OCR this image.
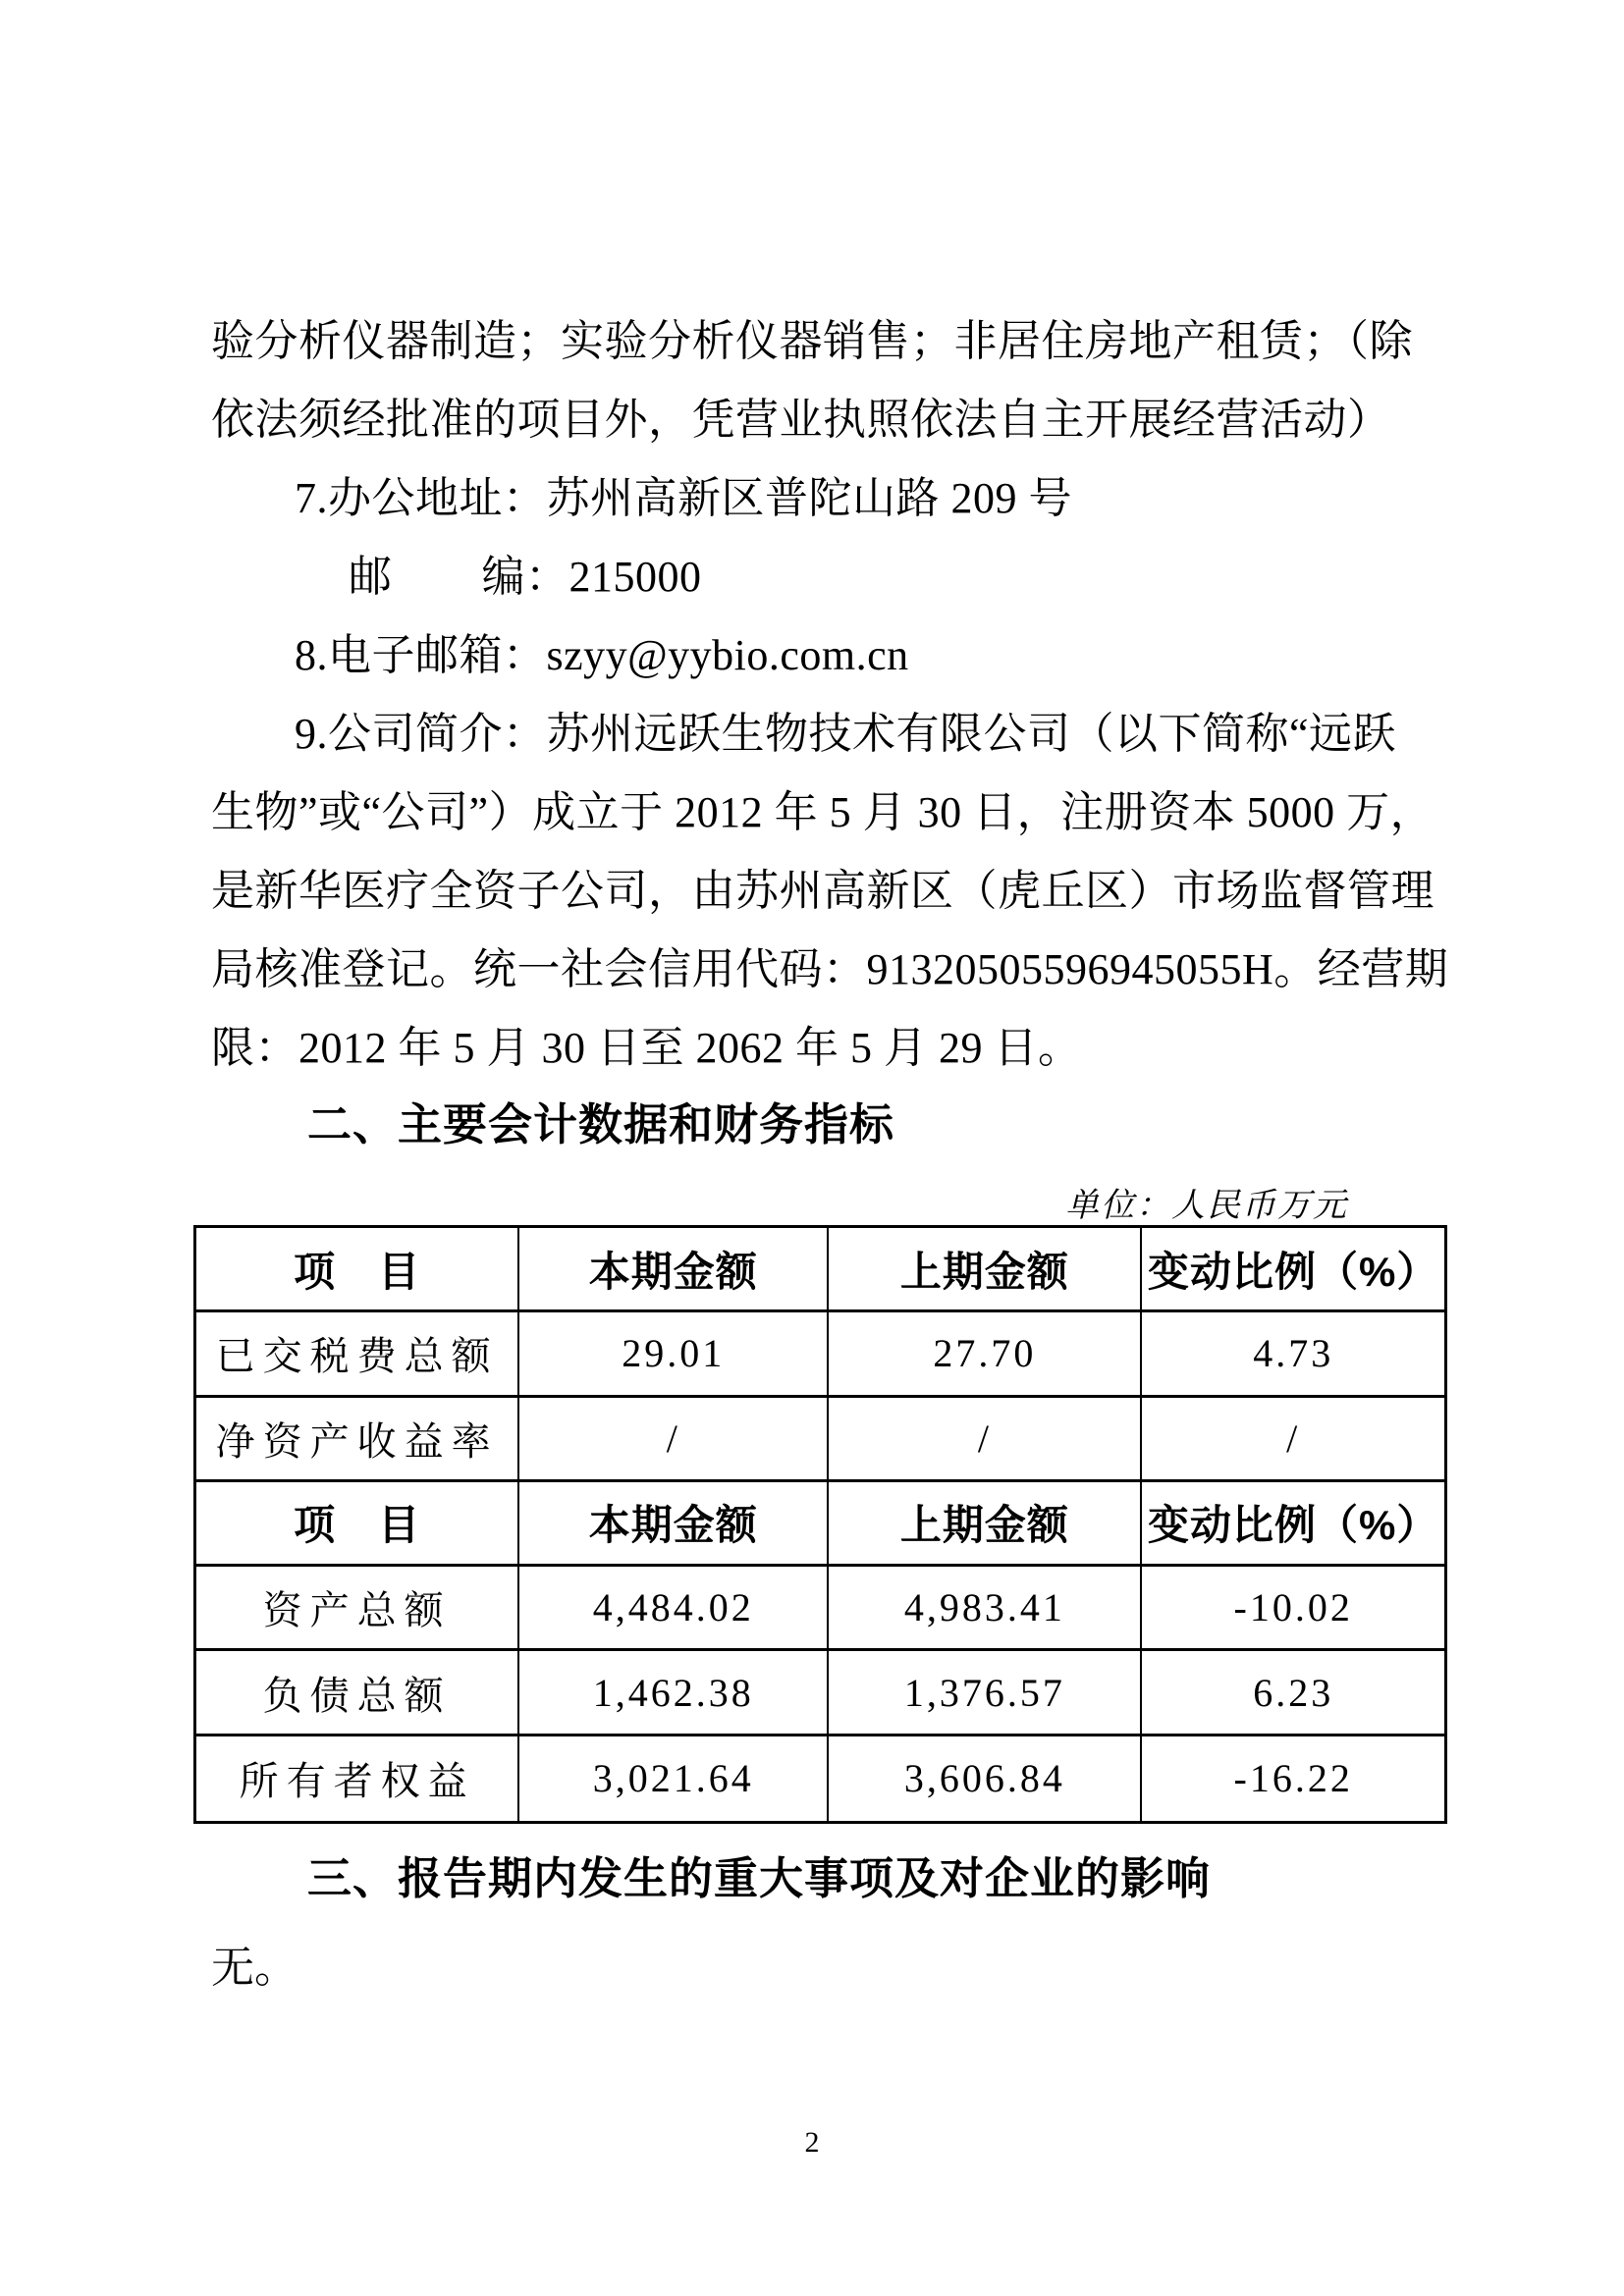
验分析仪器制造；实验分析仪器销售；非居住房地产租赁；（除
依法须经批准的项目外，凭营业执照依法自主开展经营活动）
7.办公地址：苏州高新区普陀山路 209 号
邮 编：215000
8.电子邮箱：szyy@yybio.com.cn
9.公司简介：苏州远跃生物技术有限公司（以下简称“远跃
生物”或“公司”）成立于 2012 年 5 月 30 日，注册资本 5000 万，
是新华医疗全资子公司，由苏州高新区（虎丘区）市场监督管理
局核准登记。统一社会信用代码：91320505596945055H。经营期
限：2012 年 5 月 30 日至 2062 年 5 月 29 日。
二、主要会计数据和财务指标
单位：人民币万元
项　目	本期金额	上期金额	变动比例（%）
已交税费总额	29.01	27.70	4.73
净资产收益率	/	/	/
项　目	本期金额	上期金额	变动比例（%）
资产总额	4,484.02	4,983.41	-10.02
负债总额	1,462.38	1,376.57	6.23
所有者权益	3,021.64	3,606.84	-16.22
三、报告期内发生的重大事项及对企业的影响
无。
2
